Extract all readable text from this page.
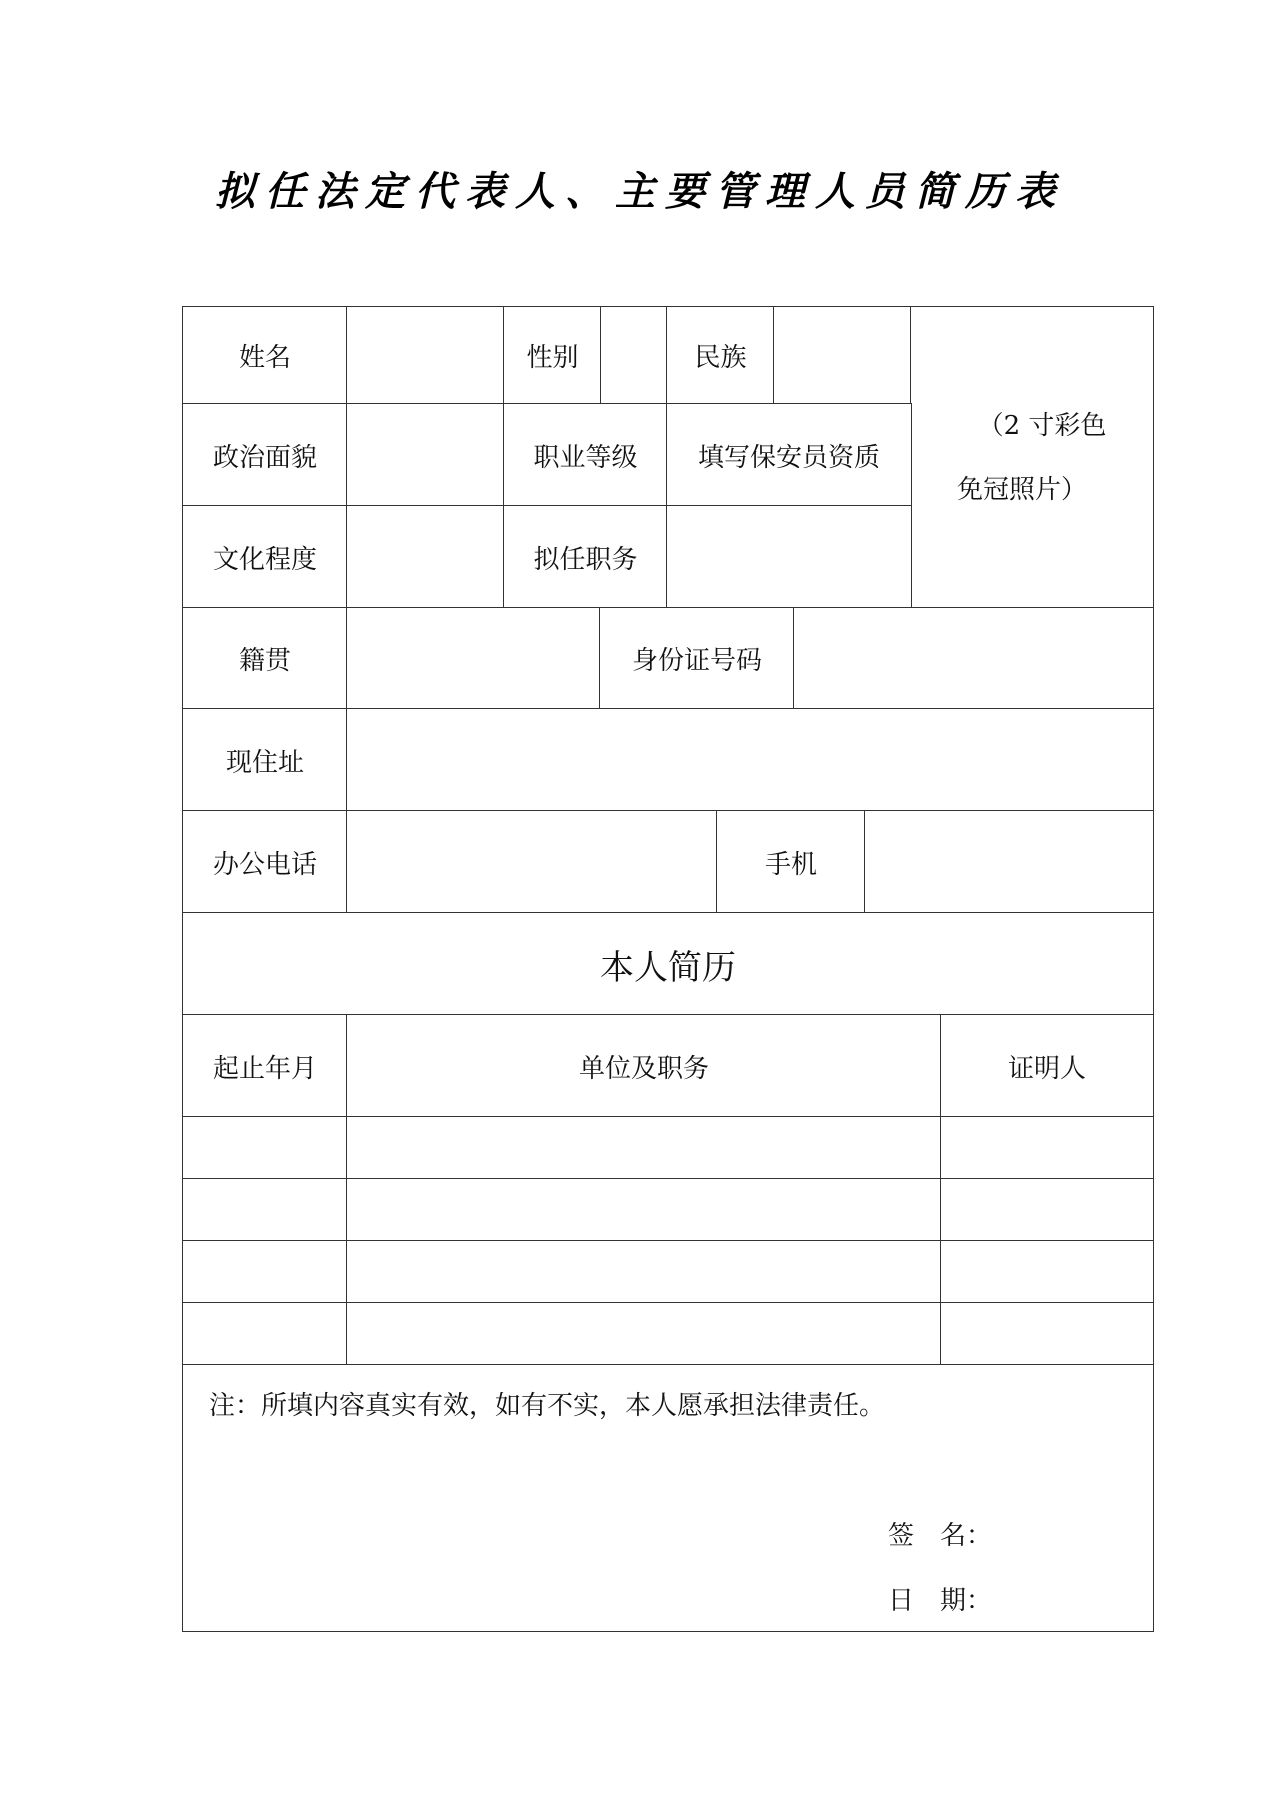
拟任法定代表人、主要管理人员简历表
姓名	性别	民族
（2 寸彩色
免冠照片）
政治面貌	职业等级	填写保安员资质
文化程度	拟任职务
籍贯	身份证号码
现住址
办公电话	手机
本人简历
起止年月	单位及职务	证明人
注：所填内容真实有效，如有不实，本人愿承担法律责任。
签　名：
日　期：
